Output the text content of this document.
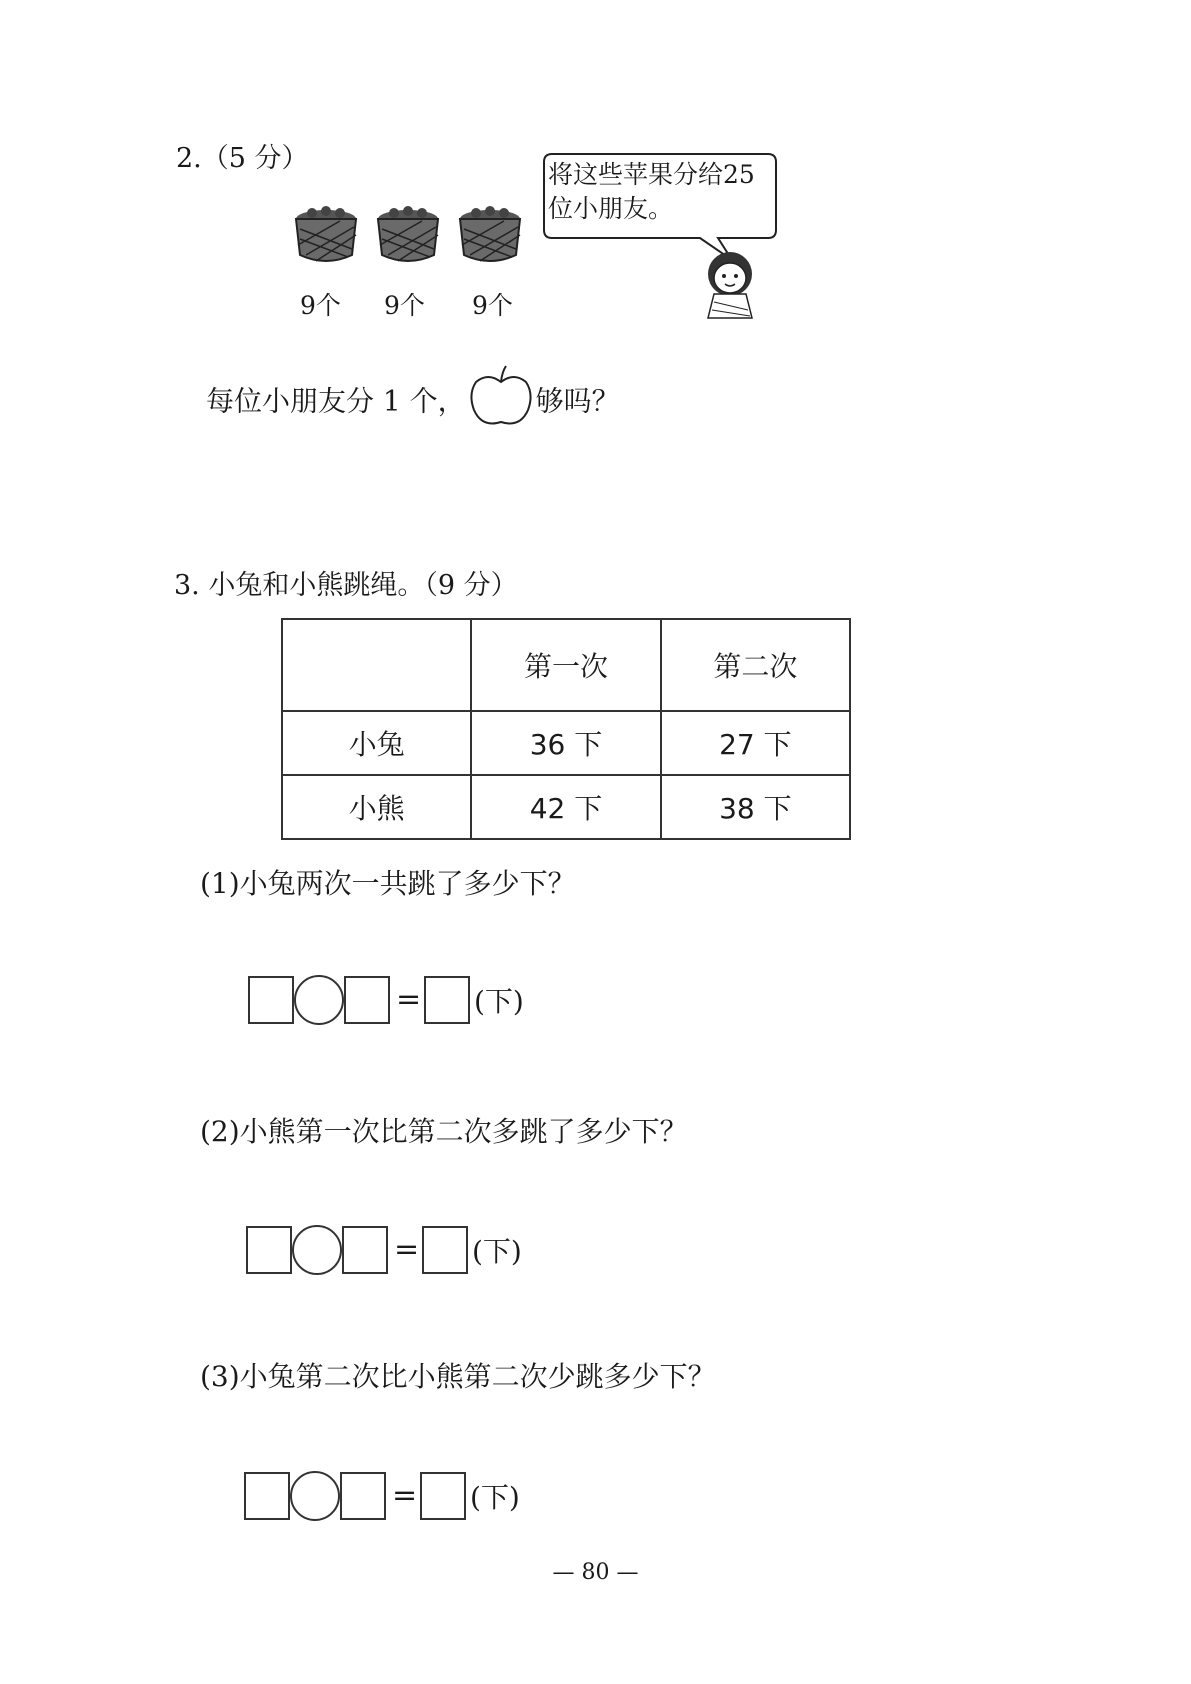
2.（5 分）
9个 9个 9个
将这些苹果分给25位小朋友。
每位小朋友分 1 个，	够吗？
3. 小兔和小熊跳绳。（9 分）
	第一次	第二次
小兔	36 下	27 下
小熊	42 下	38 下
(1)小兔两次一共跳了多少下？
= (下)
(2)小熊第一次比第二次多跳了多少下？
= (下)
(3)小兔第二次比小熊第二次少跳多少下？
= (下)
— 80 —
